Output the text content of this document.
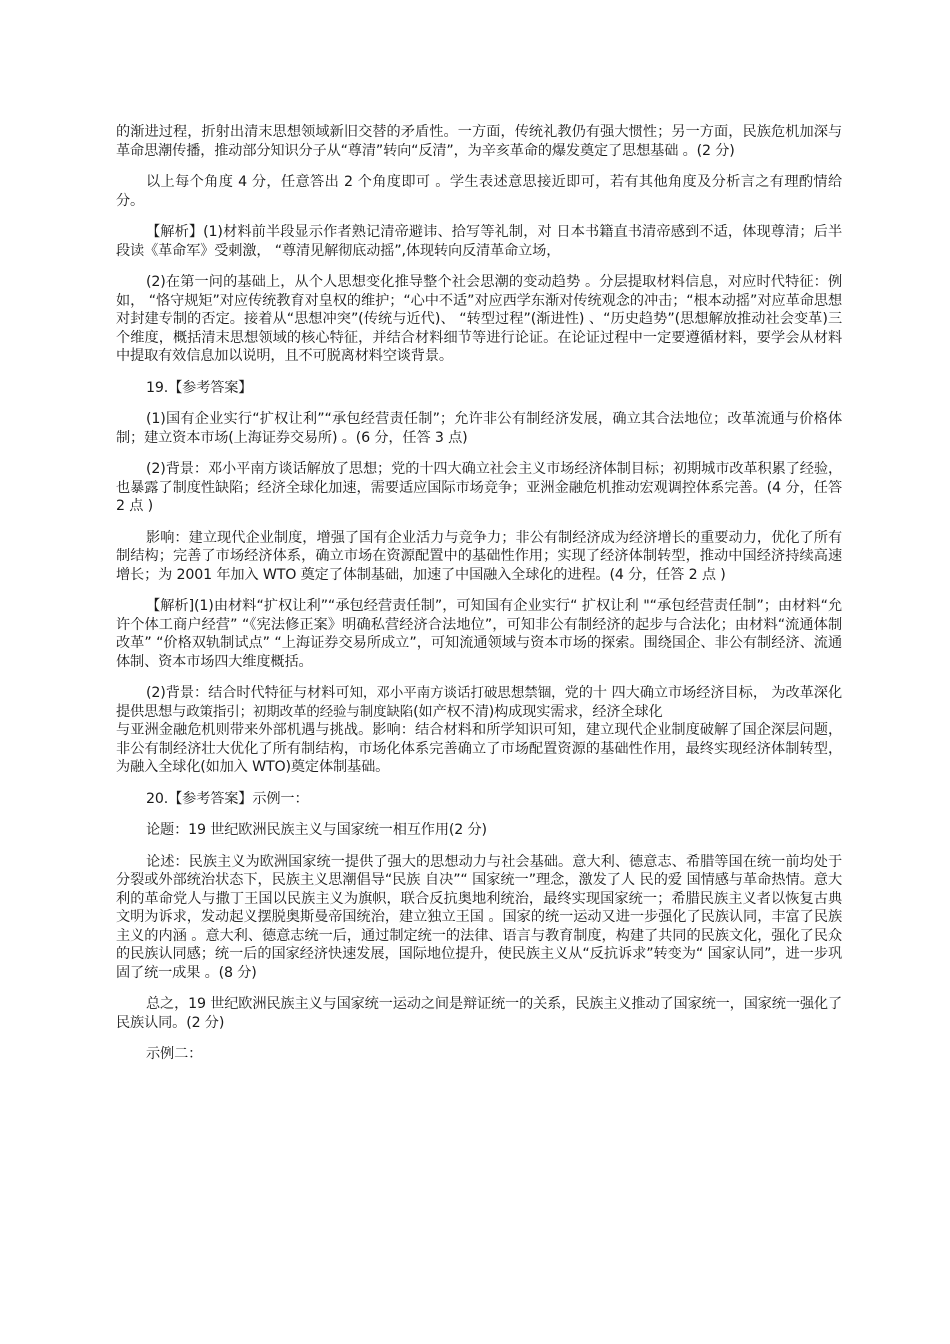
的渐进过程，折射出清末思想领域新旧交替的矛盾性。一方面，传统礼教仍有强大惯性；另一方面，民族危机加深与革命思潮传播，推动部分知识分子从“尊清”转向“反清”，为辛亥革命的爆发奠定了思想基础 。(2 分)

以上每个角度 4 分，任意答出 2 个角度即可 。学生表述意思接近即可，若有其他角度及分析言之有理酌情给分。

【解析】(1)材料前半段显示作者熟记清帝避讳、拾写等礼制，对 日本书籍直书清帝感到不适，体现尊清；后半段读《革命军》受刺激， “尊清见解彻底动摇”,体现转向反清革命立场，

(2)在第一问的基础上，从个人思想变化推导整个社会思潮的变动趋势 。分层提取材料信息，对应时代特征：例如， “恪守规矩”对应传统教育对皇权的维护；“心中不适”对应西学东渐对传统观念的冲击；“根本动摇”对应革命思想对封建专制的否定。接着从“思想冲突”(传统与近代)、 “转型过程”(渐进性) 、“历史趋势”(思想解放推动社会变革)三个维度，概括清末思想领域的核心特征，并结合材料细节等进行论证。在论证过程中一定要遵循材料，要学会从材料中提取有效信息加以说明，且不可脱离材料空谈背景。

19.【参考答案】

(1)国有企业实行“扩权让利”“承包经营责任制”；允许非公有制经济发展，确立其合法地位；改革流通与价格体制；建立资本市场(上海证券交易所) 。(6 分，任答 3 点)

(2)背景：邓小平南方谈话解放了思想；党的十四大确立社会主义市场经济体制目标；初期城市改革积累了经验，也暴露了制度性缺陷；经济全球化加速，需要适应国际市场竞争；亚洲金融危机推动宏观调控体系完善。(4 分，任答 2 点 )

影响：建立现代企业制度，增强了国有企业活力与竞争力；非公有制经济成为经济增长的重要动力，优化了所有制结构；完善了市场经济体系，确立市场在资源配置中的基础性作用；实现了经济体制转型，推动中国经济持续高速增长；为 2001 年加入 WTO 奠定了体制基础，加速了中国融入全球化的进程。(4 分，任答 2 点 )

【解析](1)由材料“扩权让利”“承包经营责任制”，可知国有企业实行“ 扩权让利 "“承包经营责任制”；由材料“允许个体工商户经营” “《宪法修正案》明确私营经济合法地位”，可知非公有制经济的起步与合法化；由材料“流通体制改革” “价格双轨制试点” “上海证券交易所成立”，可知流通领域与资本市场的探索。围绕国企、非公有制经济、流通体制、资本市场四大维度概括。

(2)背景：结合时代特征与材料可知，邓小平南方谈话打破思想禁锢，党的十 四大确立市场经济目标， 为改革深化提供思想与政策指引；初期改革的经验与制度缺陷(如产权不清)构成现实需求，经济全球化
与亚洲金融危机则带来外部机遇与挑战。影响：结合材料和所学知识可知，建立现代企业制度破解了国企深层问题，非公有制经济壮大优化了所有制结构，市场化体系完善确立了市场配置资源的基础性作用，最终实现经济体制转型，为融入全球化(如加入 WTO)奠定体制基础。

20.【参考答案】示例一：

论题：19 世纪欧洲民族主义与国家统一相互作用(2 分)

论述：民族主义为欧洲国家统一提供了强大的思想动力与社会基础。意大利、德意志、希腊等国在统一前均处于分裂或外部统治状态下，民族主义思潮倡导“民族 自决”“ 国家统一”理念，激发了人 民的爱 国情感与革命热情。意大利的革命党人与撒丁王国以民族主义为旗帜，联合反抗奥地利统治，最终实现国家统一；希腊民族主义者以恢复古典文明为诉求，发动起义摆脱奥斯曼帝国统治，建立独立王国 。国家的统一运动又进一步强化了民族认同，丰富了民族主义的内涵 。意大利、德意志统一后，通过制定统一的法律、语言与教育制度，构建了共同的民族文化，强化了民众的民族认同感；统一后的国家经济快速发展，国际地位提升，使民族主义从“反抗诉求”转变为“ 国家认同”，进一步巩固了统一成果 。(8 分)

总之，19 世纪欧洲民族主义与国家统一运动之间是辩证统一的关系，民族主义推动了国家统一，国家统一强化了民族认同。(2 分)

示例二：
